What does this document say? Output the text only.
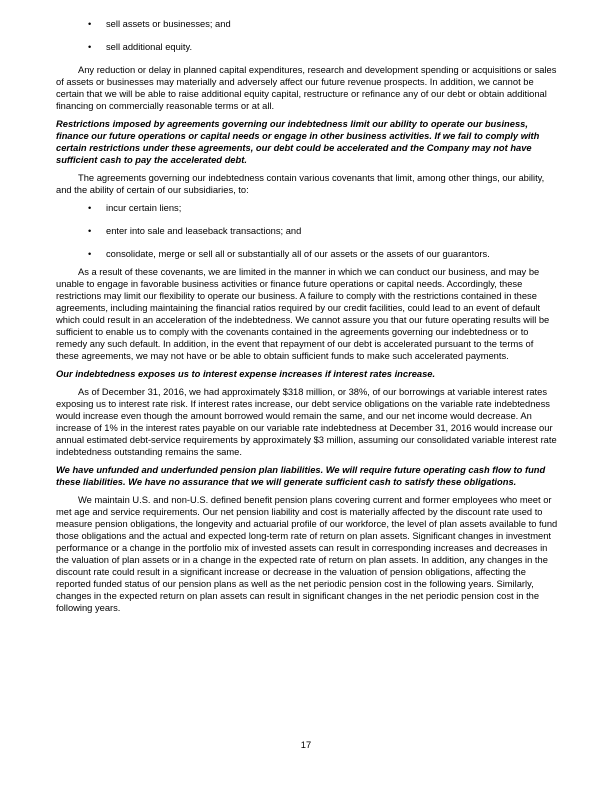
• sell assets or businesses; and
• sell additional equity.

Any reduction or delay in planned capital expenditures, research and development spending or acquisitions or sales of assets or businesses may materially and adversely affect our future revenue prospects. In addition, we cannot be certain that we will be able to raise additional equity capital, restructure or refinance any of our debt or obtain additional financing on commercially reasonable terms or at all.

Restrictions imposed by agreements governing our indebtedness limit our ability to operate our business, finance our future operations or capital needs or engage in other business activities. If we fail to comply with certain restrictions under these agreements, our debt could be accelerated and the Company may not have sufficient cash to pay the accelerated debt.

The agreements governing our indebtedness contain various covenants that limit, among other things, our ability, and the ability of certain of our subsidiaries, to:

• incur certain liens;
• enter into sale and leaseback transactions; and
• consolidate, merge or sell all or substantially all of our assets or the assets of our guarantors.

As a result of these covenants, we are limited in the manner in which we can conduct our business, and may be unable to engage in favorable business activities or finance future operations or capital needs. Accordingly, these restrictions may limit our flexibility to operate our business. A failure to comply with the restrictions contained in these agreements, including maintaining the financial ratios required by our credit facilities, could lead to an event of default which could result in an acceleration of the indebtedness. We cannot assure you that our future operating results will be sufficient to enable us to comply with the covenants contained in the agreements governing our indebtedness or to remedy any such default. In addition, in the event that repayment of our debt is accelerated pursuant to the terms of these agreements, we may not have or be able to obtain sufficient funds to make such accelerated payments.

Our indebtedness exposes us to interest expense increases if interest rates increase.

As of December 31, 2016, we had approximately $318 million, or 38%, of our borrowings at variable interest rates exposing us to interest rate risk. If interest rates increase, our debt service obligations on the variable rate indebtedness would increase even though the amount borrowed would remain the same, and our net income would decrease. An increase of 1% in the interest rates payable on our variable rate indebtedness at December 31, 2016 would increase our annual estimated debt-service requirements by approximately $3 million, assuming our consolidated variable interest rate indebtedness outstanding remains the same.

We have unfunded and underfunded pension plan liabilities. We will require future operating cash flow to fund these liabilities. We have no assurance that we will generate sufficient cash to satisfy these obligations.

We maintain U.S. and non-U.S. defined benefit pension plans covering current and former employees who meet or met age and service requirements. Our net pension liability and cost is materially affected by the discount rate used to measure pension obligations, the longevity and actuarial profile of our workforce, the level of plan assets available to fund those obligations and the actual and expected long-term rate of return on plan assets. Significant changes in investment performance or a change in the portfolio mix of invested assets can result in corresponding increases and decreases in the valuation of plan assets or in a change in the expected rate of return on plan assets. In addition, any changes in the discount rate could result in a significant increase or decrease in the valuation of pension obligations, affecting the reported funded status of our pension plans as well as the net periodic pension cost in the following years. Similarly, changes in the expected return on plan assets can result in significant changes in the net periodic pension cost in the following years.

17
